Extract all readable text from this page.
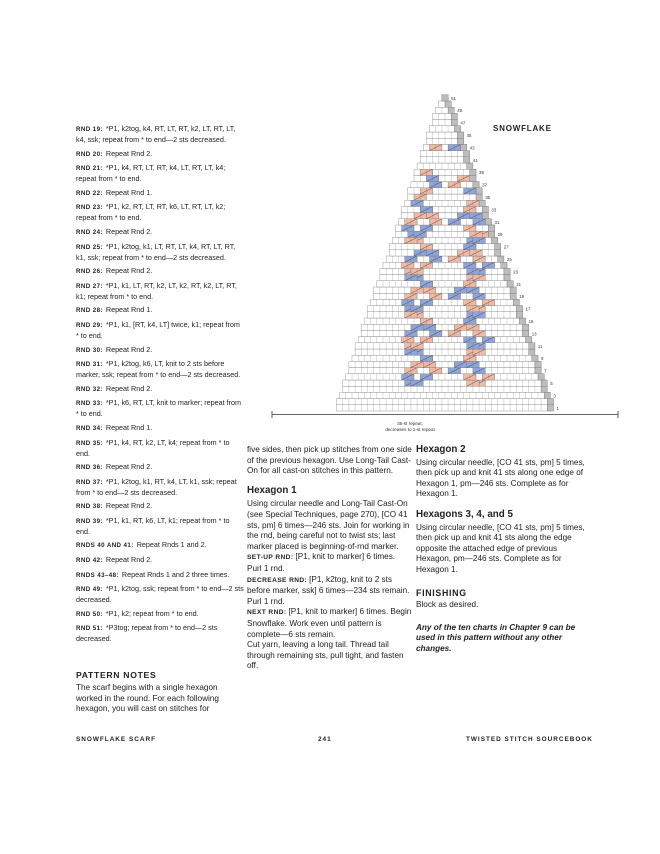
RND 19: *P1, k2tog, k4, RT, LT, RT, k2, LT, RT, LT, k4, ssk; repeat from * to end—2 sts decreased.
RND 20: Repeat Rnd 2.
RND 21: *P1, k4, RT, LT, RT, k4, LT, RT, LT, k4; repeat from * to end.
RND 22: Repeat Rnd 1.
RND 23: *P1, k2, RT, LT, RT, k6, LT, RT, LT, k2; repeat from * to end.
RND 24: Repeat Rnd 2.
RND 25: *P1, k2tog, k1, LT, RT, LT, k4, RT, LT, RT, k1, ssk; repeat from * to end—2 sts decreased.
RND 26: Repeat Rnd 2.
RND 27: *P1, k1, LT, RT, k2, LT, k2, RT, k2, LT, RT, k1; repeat from * to end.
RND 28: Repeat Rnd 1.
RND 29: *P1, k1, [RT, k4, LT] twice, k1; repeat from * to end.
RND 30: Repeat Rnd 2.
RND 31: *P1, k2tog, k6, LT, knit to 2 sts before marker, ssk; repeat from * to end—2 sts decreased.
RND 32: Repeat Rnd 2.
RND 33: *P1, k6, RT, LT, knit to marker; repeat from * to end.
RND 34: Repeat Rnd 1.
RND 35: *P1, k4, RT, k2, LT, k4; repeat from * to end.
RND 36: Repeat Rnd 2.
RND 37: *P1, k2tog, k1, RT, k4, LT, k1, ssk; repeat from * to end—2 sts decreased.
RND 38: Repeat Rnd 2.
RND 39: *P1, k1, RT, k6, LT, k1; repeat from * to end.
RNDS 40 AND 41: Repeat Rnds 1 and 2.
RND 42: Repeat Rnd 2.
RNDS 43–48: Repeat Rnds 1 and 2 three times.
RND 49: *P1, k2tog, ssk; repeat from * to end—2 sts decreased.
RND 50: *P1, k2; repeat from * to end.
RND 51: *P3tog; repeat from * to end—2 sts decreased.
PATTERN NOTES
The scarf begins with a single hexagon worked in the round. For each following hexagon, you will cast on stitches for
SNOWFLAKE
51
49
47
45
43
41
39
37
35
33
31
29
27
25
23
21
19
17
15
13
11
9
7
5
3
1
35-st repeat;
decreases to 1-st repeat

five sides, then pick up stitches from one side of the previous hexagon. Use Long-Tail Cast-On for all cast-on stitches in this pattern.

Hexagon 1

Using circular needle and Long-Tail Cast-On (see Special Techniques, page 270), [CO 41 sts, pm] 6 times—246 sts. Join for working in the rnd, being careful not to twist sts; last marker placed is beginning-of-rnd marker.

SET-UP RND: [P1, knit to marker] 6 times.

Purl 1 rnd.

DECREASE RND: [P1, k2tog, knit to 2 sts before marker, ssk] 6 times—234 sts remain.

Purl 1 rnd.

NEXT RND: [P1, knit to marker] 6 times. Begin Snowflake. Work even until pattern is complete—6 sts remain.

Cut yarn, leaving a long tail. Thread tail through remaining sts, pull tight, and fasten off.

Hexagon 2

Using circular needle, [CO 41 sts, pm] 5 times, then pick up and knit 41 sts along one edge of Hexagon 1, pm—246 sts. Complete as for Hexagon 1.

Hexagons 3, 4, and 5

Using circular needle, [CO 41 sts, pm] 5 times, then pick up and knit 41 sts along the edge opposite the attached edge of previous Hexagon, pm—246 sts. Complete as for Hexagon 1.

FINISHING

Block as desired.

Any of the ten charts in Chapter 9 can be used in this pattern without any other changes.

SNOWFLAKE SCARF	241	TWISTED STITCH SOURCEBOOK
